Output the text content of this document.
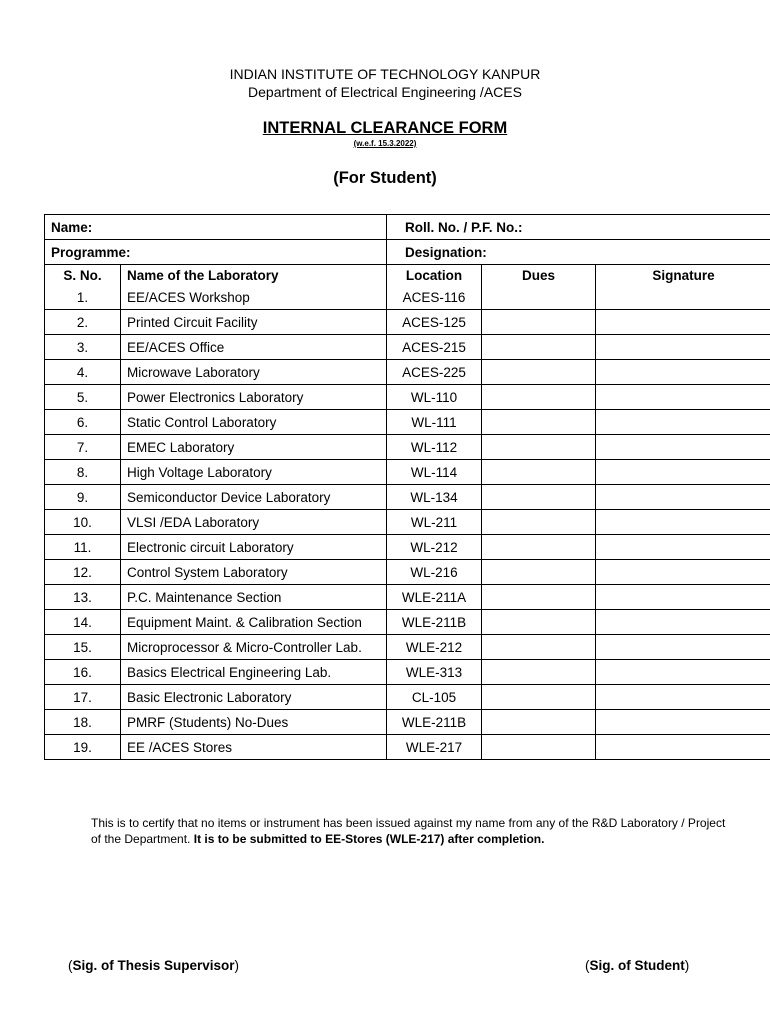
INDIAN INSTITUTE OF TECHNOLOGY KANPUR
Department of Electrical Engineering /ACES
INTERNAL CLEARANCE FORM
(w.e.f. 15.3.2022)
(For Student)
Name:		Roll. No. / P.F. No.:		
Programme:		Designation:		
S. No.	Name of the Laboratory	Location	Dues	Signature
1.	EE/ACES Workshop	ACES-116		
2.	Printed Circuit Facility	ACES-125		
3.	EE/ACES Office	ACES-215		
4.	Microwave Laboratory	ACES-225		
5.	Power Electronics Laboratory	WL-110		
6.	Static Control Laboratory	WL-111		
7.	EMEC Laboratory	WL-112		
8.	High Voltage Laboratory	WL-114		
9.	Semiconductor Device Laboratory	WL-134		
10.	VLSI /EDA Laboratory	WL-211		
11.	Electronic circuit Laboratory	WL-212		
12.	Control System Laboratory	WL-216		
13.	P.C. Maintenance Section	WLE-211A		
14.	Equipment Maint. & Calibration Section	WLE-211B		
15.	Microprocessor & Micro-Controller Lab.	WLE-212		
16.	Basics Electrical Engineering Lab.	WLE-313		
17.	Basic Electronic Laboratory	CL-105		
18.	PMRF (Students) No-Dues	WLE-211B		
19.	EE /ACES Stores	WLE-217		
This is to certify that no items or instrument has been issued against my name from any of the R&D Laboratory / Project of the Department. It is to be submitted to EE-Stores (WLE-217) after completion.
(Sig. of Thesis Supervisor)	(Sig. of Student)
